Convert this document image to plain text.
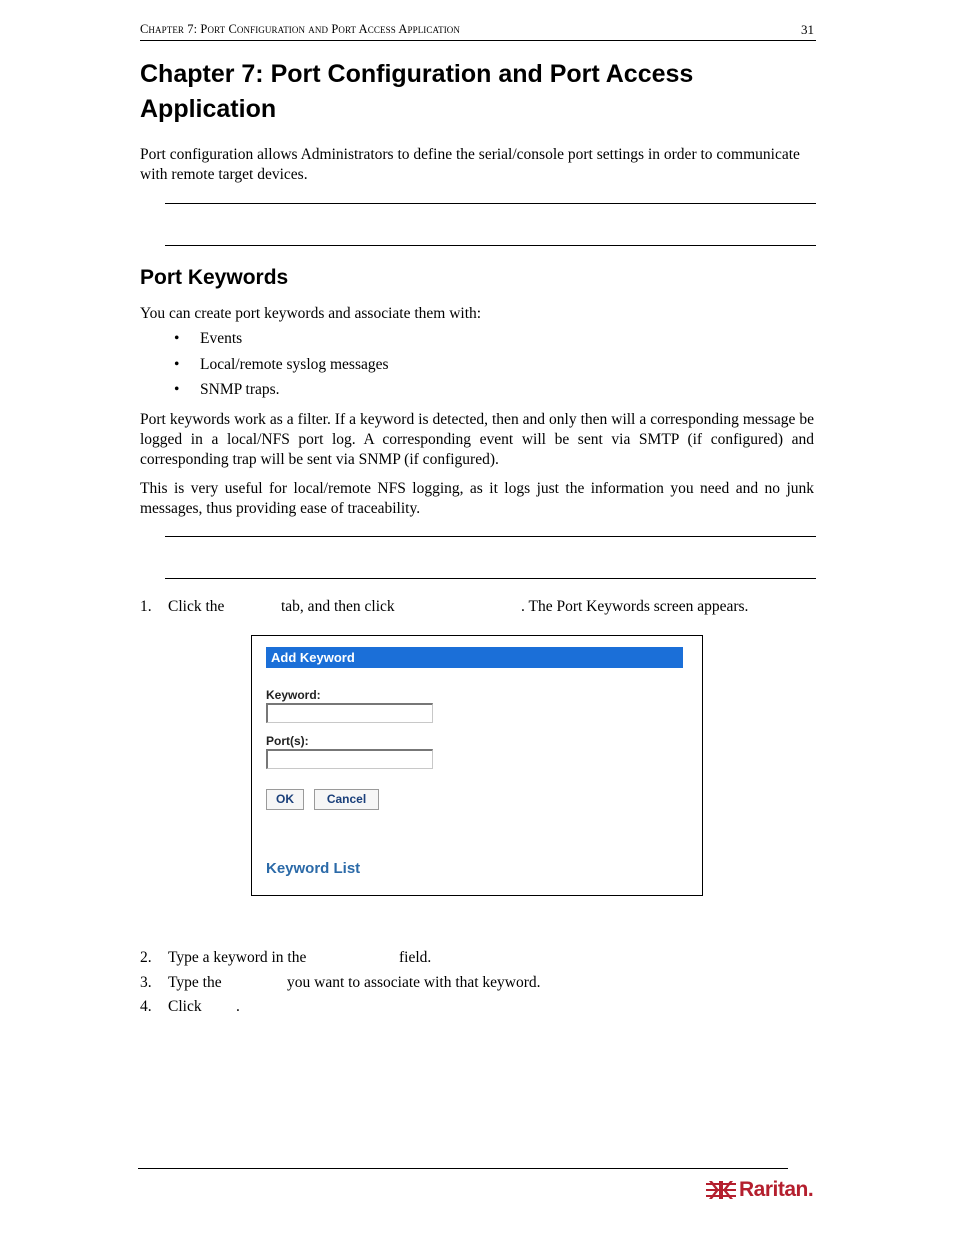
Chapter 7: Port Configuration and Port Access Application	31
Chapter 7: Port Configuration and Port Access Application

Port configuration allows Administrators to define the serial/console port settings in order to communicate with remote target devices.

Port Keywords

You can create port keywords and associate them with:

• Events
• Local/remote syslog messages
• SNMP traps.

Port keywords work as a filter. If a keyword is detected, then and only then will a corresponding message be logged in a local/NFS port log. A corresponding event will be sent via SMTP (if configured) and corresponding trap will be sent via SNMP (if configured).

This is very useful for local/remote NFS logging, as it logs just the information you need and no junk messages, thus providing ease of traceability.

1. Click the	tab, and then click	. The Port Keywords screen appears.
Add Keyword
Keyword:
Port(s):
OK	Cancel
Keyword List
2. Type a keyword in the	field.
3. Type the	you want to associate with that keyword.
4. Click .
Raritan.
